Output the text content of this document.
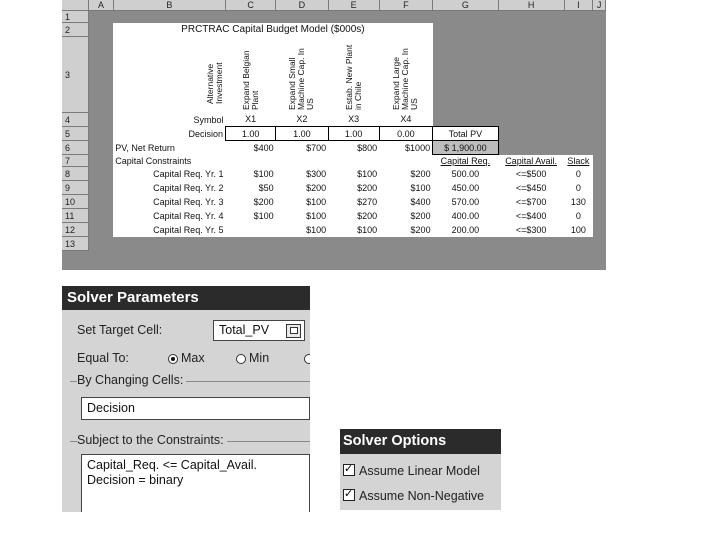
	A	B	C	D	E	F	G	H	I	J
1										
2		PRCTRAC Capital Budget Model ($000s)								
3		Alternative Investment	Expand Belgian Plant	Expand Small Machine Cap. In US	Estab. New Plant in Chile	Expand Large Machine Cap. In US				
4		Symbol	X1	X2	X3	X4				
5		Decision	1.00	1.00	1.00	0.00	Total PV			
6		PV, Net Return	$400	$700	$800	$1000	$ 1,900.00			
7		Capital Constraints					Capital Req.	Capital Avail.	Slack	
8		Capital Req. Yr. 1	$100	$300	$100	$200	500.00	<=$500	0	
9		Capital Req. Yr. 2	$50	$200	$200	$100	450.00	<=$450	0	
10		Capital Req. Yr. 3	$200	$100	$270	$400	570.00	<=$700	130	
11		Capital Req. Yr. 4	$100	$100	$200	$200	400.00	<=$400	0	
12		Capital Req. Yr. 5		$100	$100	$200	200.00	<=$300	100	
13										
Solver Parameters
Set Target Cell:	Total_PV
Equal To:	Max	Min
By Changing Cells:
Decision
Subject to the Constraints:
Capital_Req. <= Capital_Avail.
Decision = binary
Solver Options
✓Assume Linear Model
✓Assume Non-Negative
